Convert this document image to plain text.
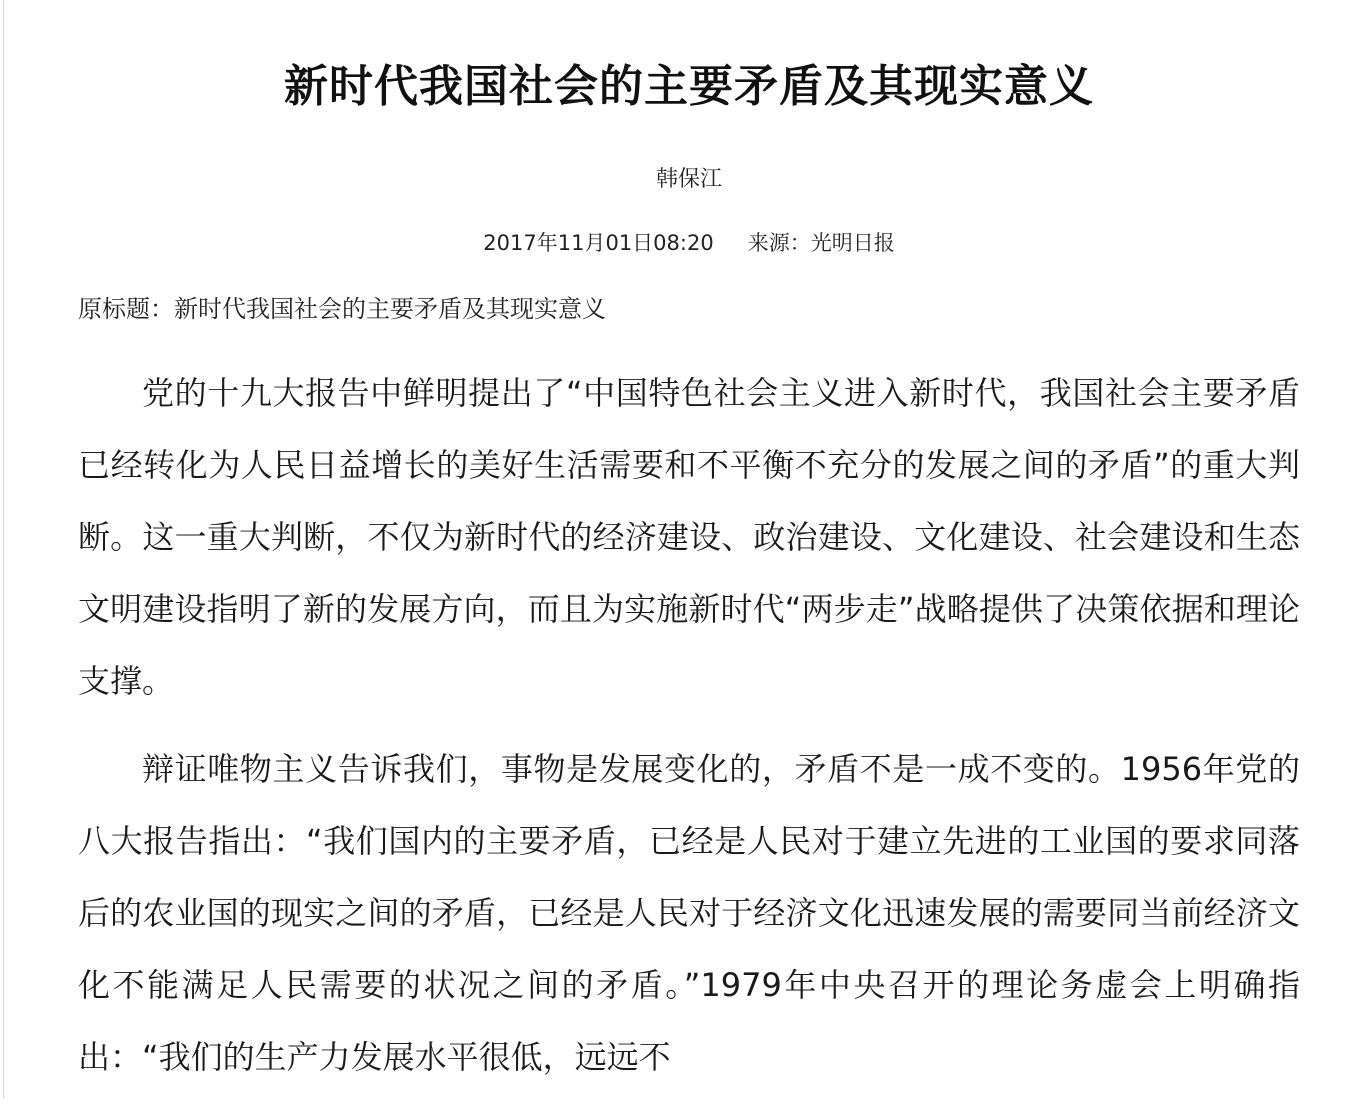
新时代我国社会的主要矛盾及其现实意义
韩保江
2017年11月01日08:20 来源：光明日报
原标题：新时代我国社会的主要矛盾及其现实意义

党的十九大报告中鲜明提出了“中国特色社会主义进入新时代，我国社会主要矛盾已经转化为人民日益增长的美好生活需要和不平衡不充分的发展之间的矛盾”的重大判断。这一重大判断，不仅为新时代的经济建设、政治建设、文化建设、社会建设和生态文明建设指明了新的发展方向，而且为实施新时代“两步走”战略提供了决策依据和理论支撑。

辩证唯物主义告诉我们，事物是发展变化的，矛盾不是一成不变的。1956年党的八大报告指出：“我们国内的主要矛盾，已经是人民对于建立先进的工业国的要求同落后的农业国的现实之间的矛盾，已经是人民对于经济文化迅速发展的需要同当前经济文化不能满足人民需要的状况之间的矛盾。”1979年中央召开的理论务虚会上明确指出：“我们的生产力发展水平很低，远远不
